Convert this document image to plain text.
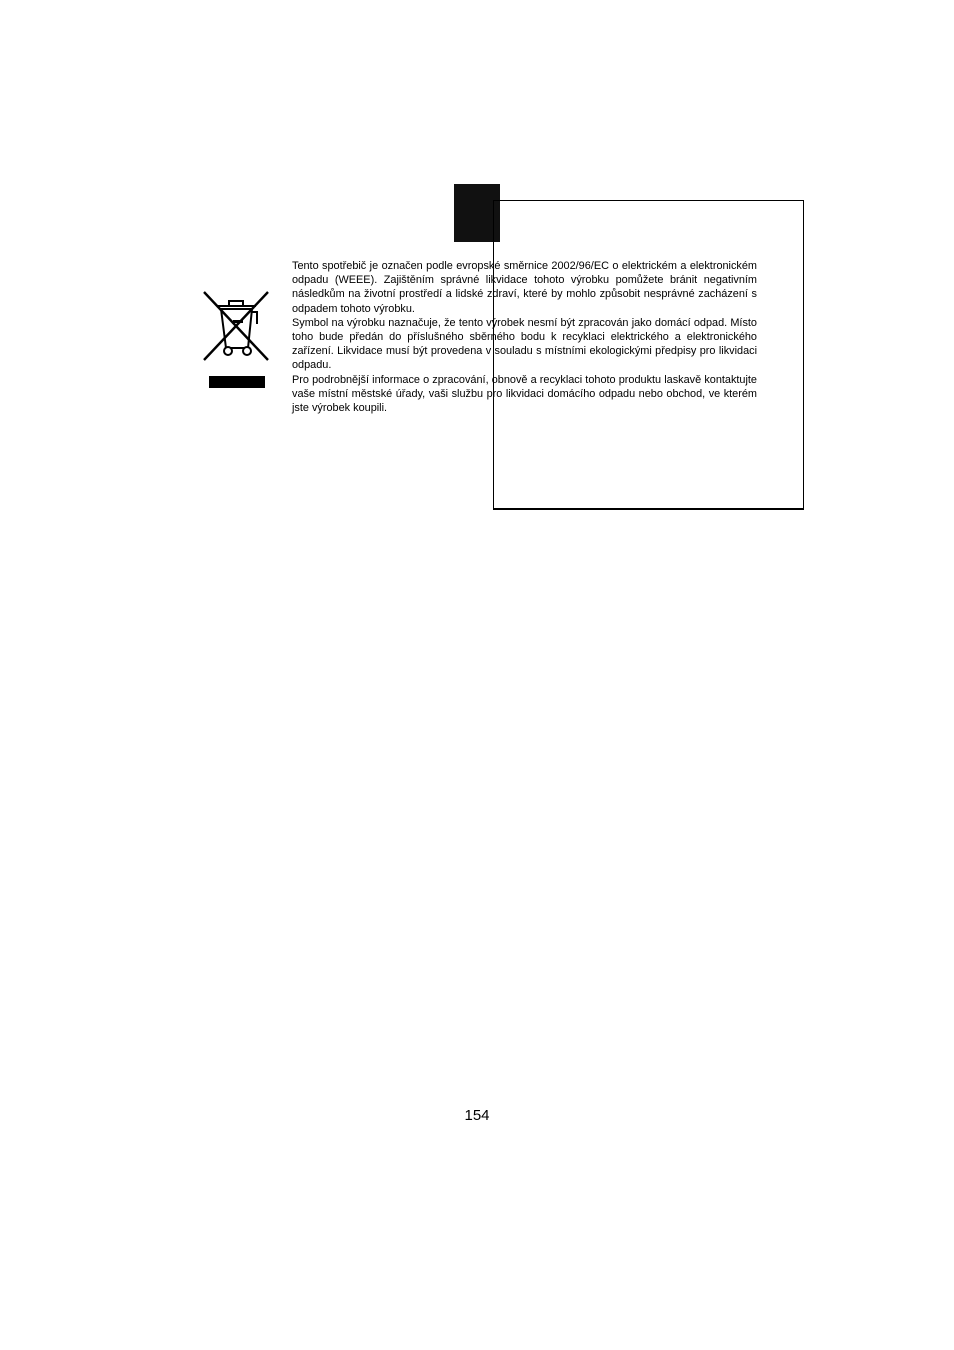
Tento spotřebič je označen podle evropské směrnice 2002/96/EC o elektrickém a elektronickém odpadu (WEEE). Zajištěním správné likvidace tohoto výrobku pomůžete bránit negativním následkům na životní prostředí a lidské zdraví, které by mohlo způsobit nesprávné zacházení s odpadem tohoto výrobku.

Symbol na výrobku naznačuje, že tento výrobek nesmí být zpracován jako domácí odpad. Místo toho bude předán do příslušného sběrného bodu k recyklaci elektrického a elektronického zařízení. Likvidace musí být provedena v souladu s místními ekologickými předpisy pro likvidaci odpadu.

Pro podrobnější informace o zpracování, obnově a recyklaci tohoto produktu laskavě kontaktujte vaše místní městské úřady, vaši službu pro likvidaci domácího odpadu nebo obchod, ve kterém jste výrobek koupili.

154
